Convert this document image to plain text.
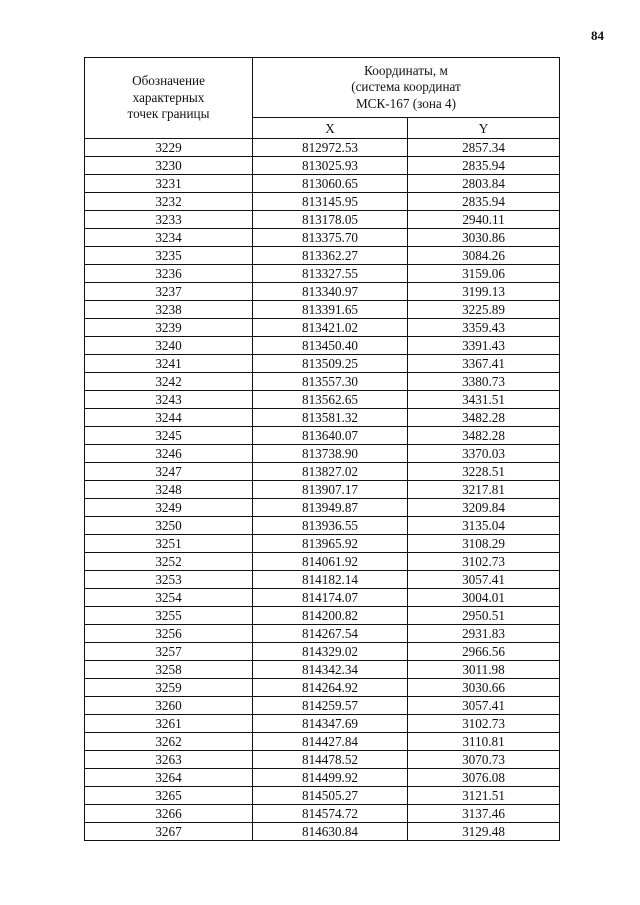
84
Обозначение
характерных
точек границы	Координаты, м
(система координат
МСК-167 (зона 4)	

	X	Y
3229	812972.53	2857.34
3230	813025.93	2835.94
3231	813060.65	2803.84
3232	813145.95	2835.94
3233	813178.05	2940.11
3234	813375.70	3030.86
3235	813362.27	3084.26
3236	813327.55	3159.06
3237	813340.97	3199.13
3238	813391.65	3225.89
3239	813421.02	3359.43
3240	813450.40	3391.43
3241	813509.25	3367.41
3242	813557.30	3380.73
3243	813562.65	3431.51
3244	813581.32	3482.28
3245	813640.07	3482.28
3246	813738.90	3370.03
3247	813827.02	3228.51
3248	813907.17	3217.81
3249	813949.87	3209.84
3250	813936.55	3135.04
3251	813965.92	3108.29
3252	814061.92	3102.73
3253	814182.14	3057.41
3254	814174.07	3004.01
3255	814200.82	2950.51
3256	814267.54	2931.83
3257	814329.02	2966.56
3258	814342.34	3011.98
3259	814264.92	3030.66
3260	814259.57	3057.41
3261	814347.69	3102.73
3262	814427.84	3110.81
3263	814478.52	3070.73
3264	814499.92	3076.08
3265	814505.27	3121.51
3266	814574.72	3137.46
3267	814630.84	3129.48
